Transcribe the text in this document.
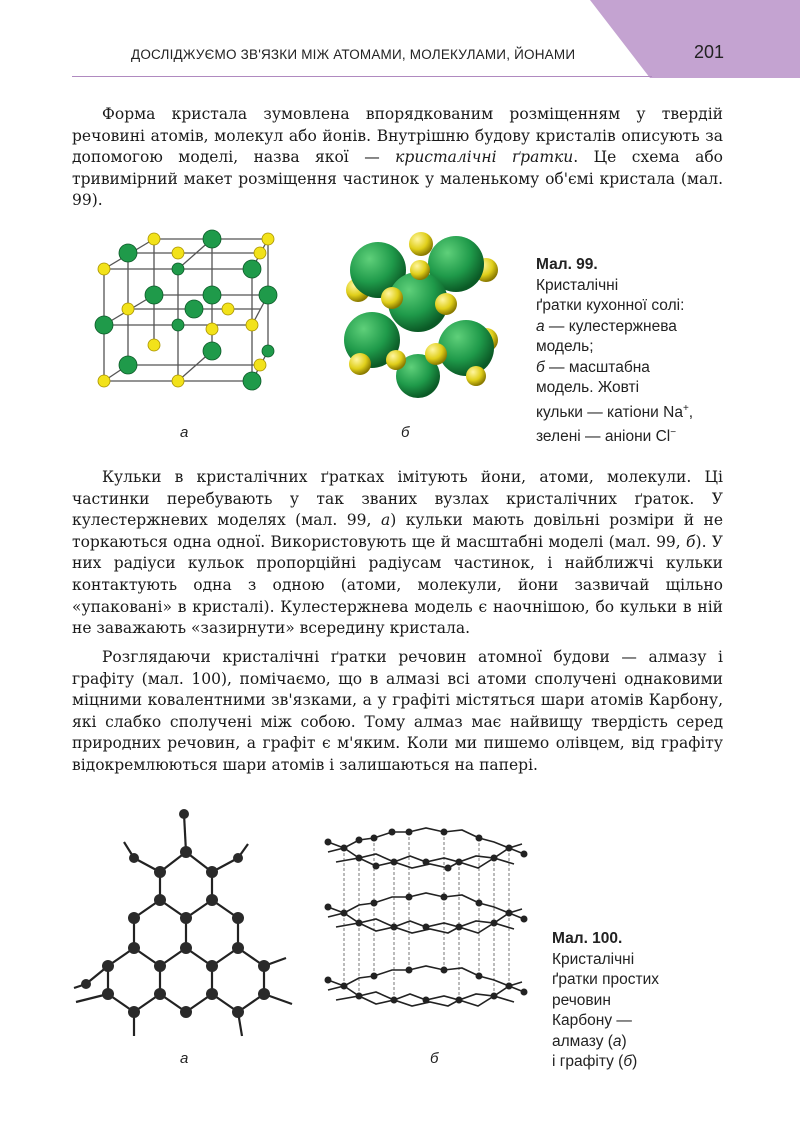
ДОСЛІДЖУЄМО ЗВ'ЯЗКИ МІЖ АТОМАМИ, МОЛЕКУЛАМИ, ЙОНАМИ	201

Форма кристала зумовлена впорядкованим розміщенням у твердій речовині атомів, молекул або йонів. Внутрішню будову кристалів описують за допомогою моделі, назва якої — кристалічні ґратки. Це схема або тривимірний макет розміщення частинок у маленькому об'ємі кристала (мал. 99).

а	б
Мал. 99.
Кристалічні
ґратки кухонної солі:
а — кулестержнева
модель;
б — масштабна
модель. Жовті
кульки — катіони Na+,
зелені — аніони Cl−

Кульки в кристалічних ґратках імітують йони, атоми, молекули. Ці частинки перебувають у так званих вузлах кристалічних ґраток. У кулестержневих моделях (мал. 99, а) кульки мають довільні розміри й не торкаються одна одної. Використовують ще й масштабні моделі (мал. 99, б). У них радіуси кульок пропорційні радіусам частинок, і найближчі кульки контактують одна з одною (атоми, молекули, йони зазвичай щільно «упаковані» в кристалі). Кулестержнева модель є наочнішою, бо кульки в ній не заважають «зазирнути» всередину кристала.

Розглядаючи кристалічні ґратки речовин атомної будови — алмазу і графіту (мал. 100), помічаємо, що в алмазі всі атоми сполучені однаковими міцними ковалентними зв'язками, а у графіті містяться шари атомів Карбону, які слабко сполучені між собою. Тому алмаз має найвищу твердість серед природних речовин, а графіт є м'яким. Коли ми пишемо олівцем, від графіту відокремлюються шари атомів і залишаються на папері.

а	б
Мал. 100.
Кристалічні
ґратки простих
речовин
Карбону —
алмазу (а)
і графіту (б)
